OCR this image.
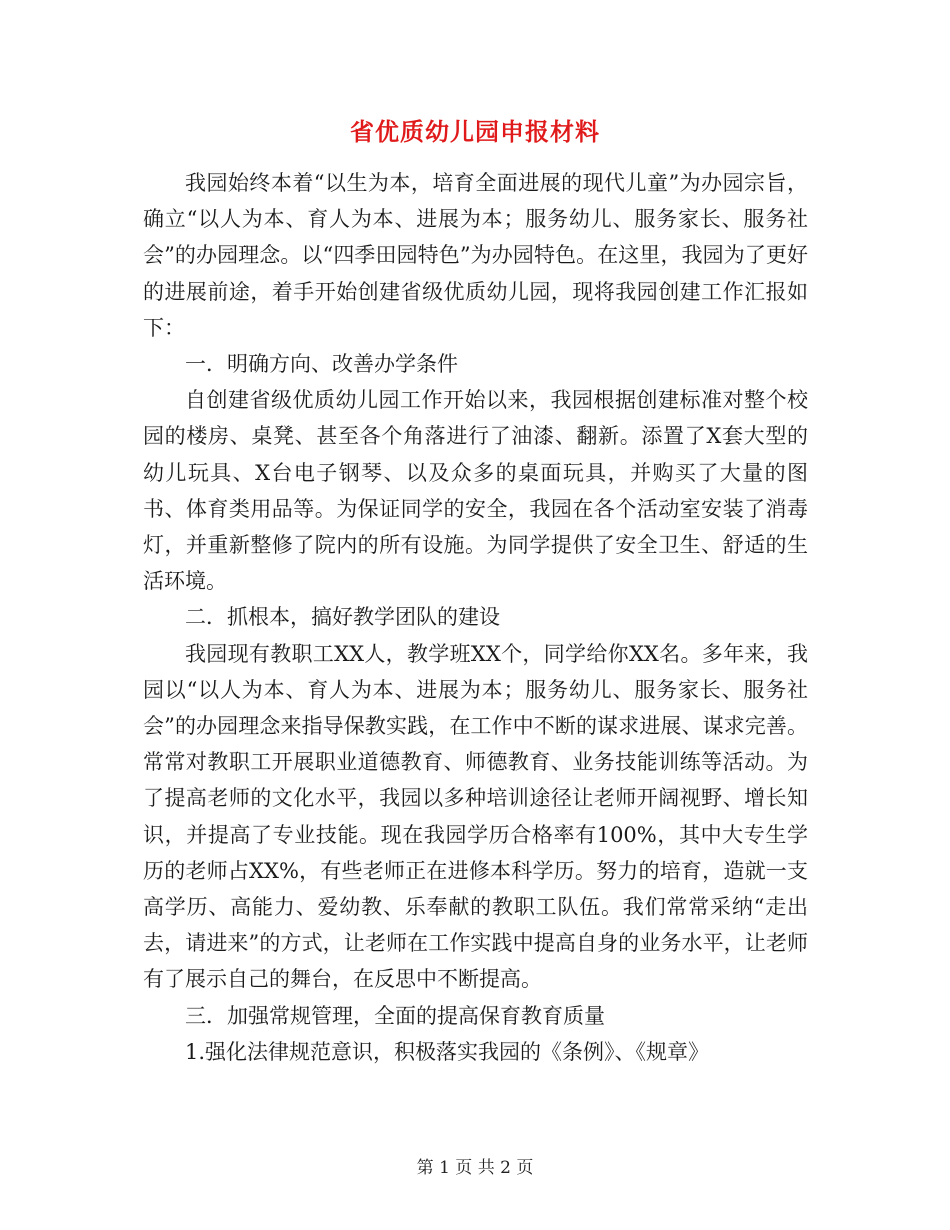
省优质幼儿园申报材料

我园始终本着“以生为本，培育全面进展的现代儿童”为办园宗旨，确立“以人为本、育人为本、进展为本；服务幼儿、服务家长、服务社会”的办园理念。以“四季田园特色”为办园特色。在这里，我园为了更好的进展前途，着手开始创建省级优质幼儿园，现将我园创建工作汇报如下：

一．明确方向、改善办学条件

自创建省级优质幼儿园工作开始以来，我园根据创建标准对整个校园的楼房、桌凳、甚至各个角落进行了油漆、翻新。添置了X套大型的幼儿玩具、X台电子钢琴、以及众多的桌面玩具，并购买了大量的图书、体育类用品等。为保证同学的安全，我园在各个活动室安装了消毒灯，并重新整修了院内的所有设施。为同学提供了安全卫生、舒适的生活环境。

二．抓根本，搞好教学团队的建设

我园现有教职工XX人，教学班XX个，同学给你XX名。多年来，我园以“以人为本、育人为本、进展为本；服务幼儿、服务家长、服务社会”的办园理念来指导保教实践，在工作中不断的谋求进展、谋求完善。常常对教职工开展职业道德教育、师德教育、业务技能训练等活动。为了提高老师的文化水平，我园以多种培训途径让老师开阔视野、增长知识，并提高了专业技能。现在我园学历合格率有100%，其中大专生学历的老师占XX%，有些老师正在进修本科学历。努力的培育，造就一支高学历、高能力、爱幼教、乐奉献的教职工队伍。我们常常采纳“走出去，请进来”的方式，让老师在工作实践中提高自身的业务水平，让老师有了展示自己的舞台，在反思中不断提高。

三．加强常规管理，全面的提高保育教育质量

1.强化法律规范意识，积极落实我园的《条例》、《规章》

第 1 页 共 2 页
